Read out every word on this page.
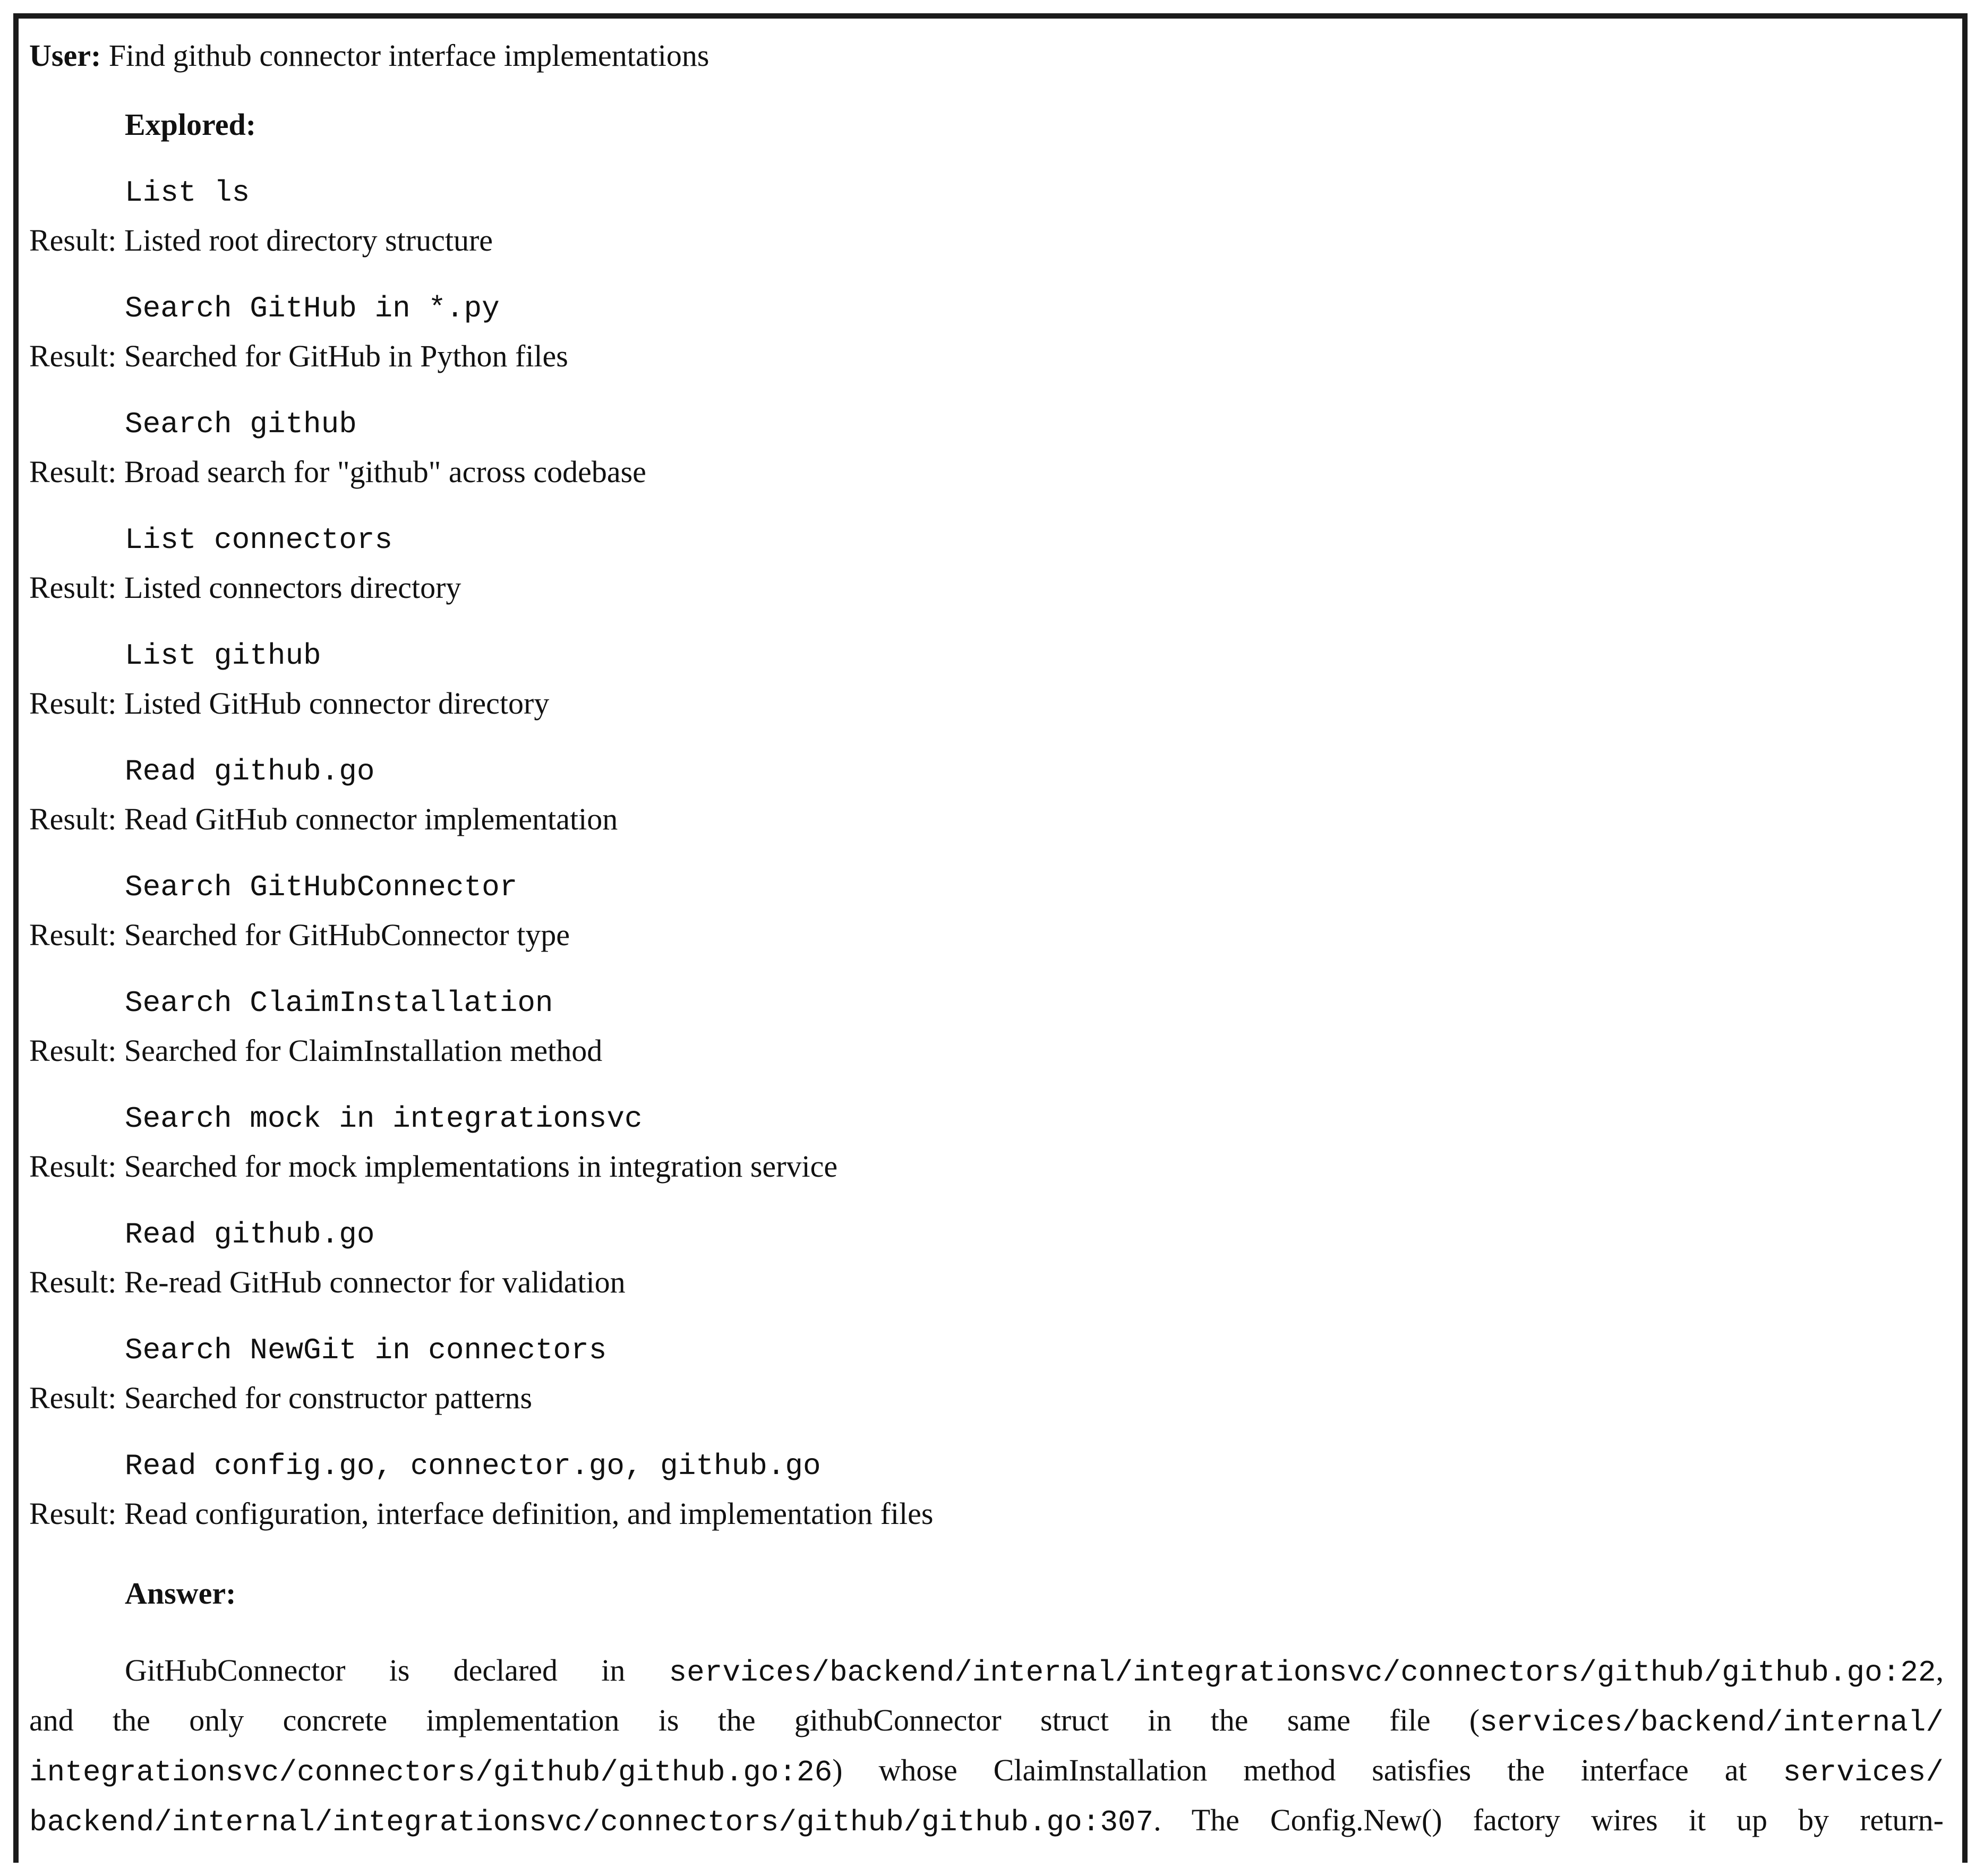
User: Find github connector interface implementations
Explored:
List ls
Result: Listed root directory structure
Search GitHub in *.py
Result: Searched for GitHub in Python files
Search github
Result: Broad search for "github" across codebase
List connectors
Result: Listed connectors directory
List github
Result: Listed GitHub connector directory
Read github.go
Result: Read GitHub connector implementation
Search GitHubConnector
Result: Searched for GitHubConnector type
Search ClaimInstallation
Result: Searched for ClaimInstallation method
Search mock in integrationsvc
Result: Searched for mock implementations in integration service
Read github.go
Result: Re-read GitHub connector for validation
Search NewGit in connectors
Result: Searched for constructor patterns
Read config.go, connector.go, github.go
Result: Read configuration, interface definition, and implementation files
Answer:
GitHubConnector is declared in services/backend/internal/integrationsvc/connectors/github/github.go:22,
and the only concrete implementation is the githubConnector struct in the same file (services/backend/internal/
integrationsvc/connectors/github/github.go:26) whose ClaimInstallation method satisfies the interface at services/
backend/internal/integrationsvc/connectors/github/github.go:307. The Config.New() factory wires it up by return-
